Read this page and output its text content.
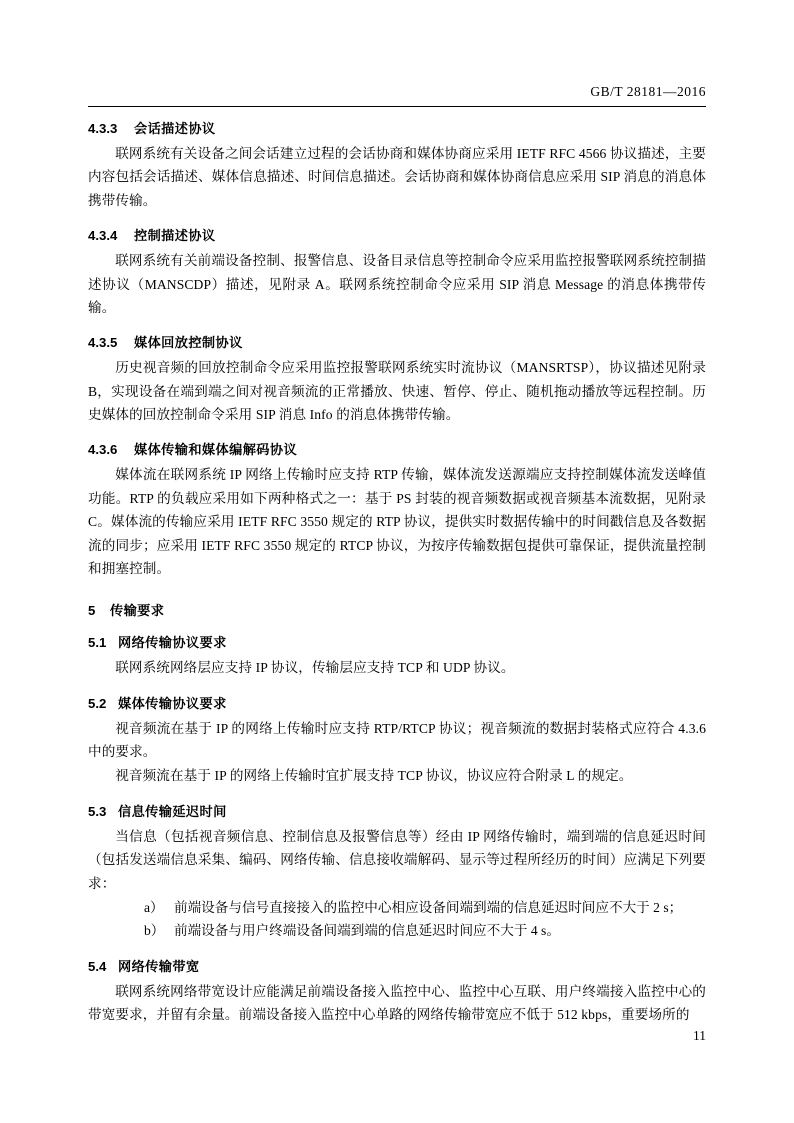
GB/T 28181—2016
4.3.3	会话描述协议

联网系统有关设备之间会话建立过程的会话协商和媒体协商应采用 IETF RFC 4566 协议描述，主要内容包括会话描述、媒体信息描述、时间信息描述。会话协商和媒体协商信息应采用 SIP 消息的消息体携带传输。

4.3.4	控制描述协议

联网系统有关前端设备控制、报警信息、设备目录信息等控制命令应采用监控报警联网系统控制描述协议（MANSCDP）描述，见附录 A。联网系统控制命令应采用 SIP 消息 Message 的消息体携带传输。

4.3.5	媒体回放控制协议

历史视音频的回放控制命令应采用监控报警联网系统实时流协议（MANSRTSP），协议描述见附录 B，实现设备在端到端之间对视音频流的正常播放、快速、暂停、停止、随机拖动播放等远程控制。历史媒体的回放控制命令采用 SIP 消息 Info 的消息体携带传输。

4.3.6	媒体传输和媒体编解码协议

媒体流在联网系统 IP 网络上传输时应支持 RTP 传输，媒体流发送源端应支持控制媒体流发送峰值功能。RTP 的负载应采用如下两种格式之一：基于 PS 封装的视音频数据或视音频基本流数据，见附录 C。媒体流的传输应采用 IETF RFC 3550 规定的 RTP 协议，提供实时数据传输中的时间戳信息及各数据流的同步；应采用 IETF RFC 3550 规定的 RTCP 协议，为按序传输数据包提供可靠保证，提供流量控制和拥塞控制。

5	传输要求
5.1 网络传输协议要求

联网系统网络层应支持 IP 协议，传输层应支持 TCP 和 UDP 协议。

5.2 媒体传输协议要求

视音频流在基于 IP 的网络上传输时应支持 RTP/RTCP 协议；视音频流的数据封装格式应符合 4.3.6 中的要求。

视音频流在基于 IP 的网络上传输时宜扩展支持 TCP 协议，协议应符合附录 L 的规定。

5.3 信息传输延迟时间

当信息（包括视音频信息、控制信息及报警信息等）经由 IP 网络传输时，端到端的信息延迟时间（包括发送端信息采集、编码、网络传输、信息接收端解码、显示等过程所经历的时间）应满足下列要求：

a） 前端设备与信号直接接入的监控中心相应设备间端到端的信息延迟时间应不大于 2 s；
b） 前端设备与用户终端设备间端到端的信息延迟时间应不大于 4 s。
5.4 网络传输带宽

联网系统网络带宽设计应能满足前端设备接入监控中心、监控中心互联、用户终端接入监控中心的带宽要求，并留有余量。前端设备接入监控中心单路的网络传输带宽应不低于 512 kbps，重要场所的

11
